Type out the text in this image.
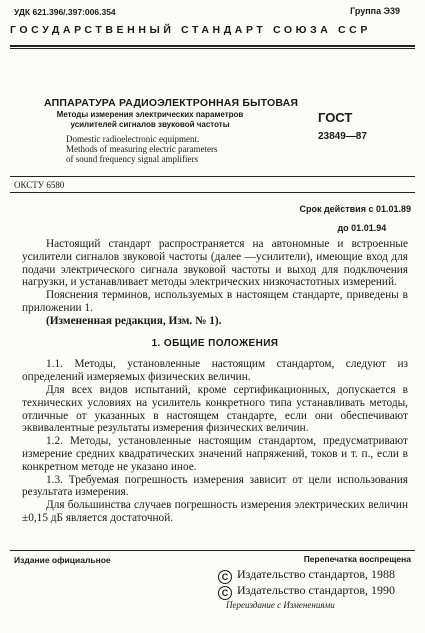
УДК 621.396/.397:006.354	Группа Э39
ГОСУДАРСТВЕННЫЙ СТАНДАРТ СОЮЗА ССР
АППАРАТУРА РАДИОЭЛЕКТРОННАЯ БЫТОВАЯ
Методы измерения электрических параметров
усилителей сигналов звуковой частоты
Domestic radioelectronic equipment.
Methods of measuring electric parameters
of sound frequency signal amplifiers
ГОСТ
23849—87
ОКСТУ 6580
Срок действия с 01.01.89
до 01.01.94

Настоящий стандарт распространяется на автономные и встроенные усилители сигналов звуковой частоты (далее —усилители), имеющие вход для подачи электрического сигнала звуковой частоты и выход для подключения нагрузки, и устанавливает методы электрических низкочастотных измерений.

Пояснения терминов, используемых в настоящем стандарте, приведены в приложении 1.

(Измененная редакция, Изм. № 1).

1. ОБЩИЕ ПОЛОЖЕНИЯ

1.1. Методы, установленные настоящим стандартом, следуют из определений измеряемых физических величин.

Для всех видов испытаний, кроме сертификационных, допускается в технических условиях на усилитель конкретного типа устанавливать методы, отличные от указанных в настоящем стандарте, если они обеспечивают эквивалентные результаты измерения физических величин.

1.2. Методы, установленные настоящим стандартом, предусматривают измерение средних квадратических значений напряжений, токов и т. п., если в конкретном методе не указано иное.

1.3. Требуемая погрешность измерения зависит от цели использования результата измерения.

Для большинства случаев погрешность измерения электрических величин ±0,15 дБ является достаточной.

Издание официальное	Перепечатка воспрещена
C Издательство стандартов, 1988
C Издательство стандартов, 1990
Переиздание с Изменениями
